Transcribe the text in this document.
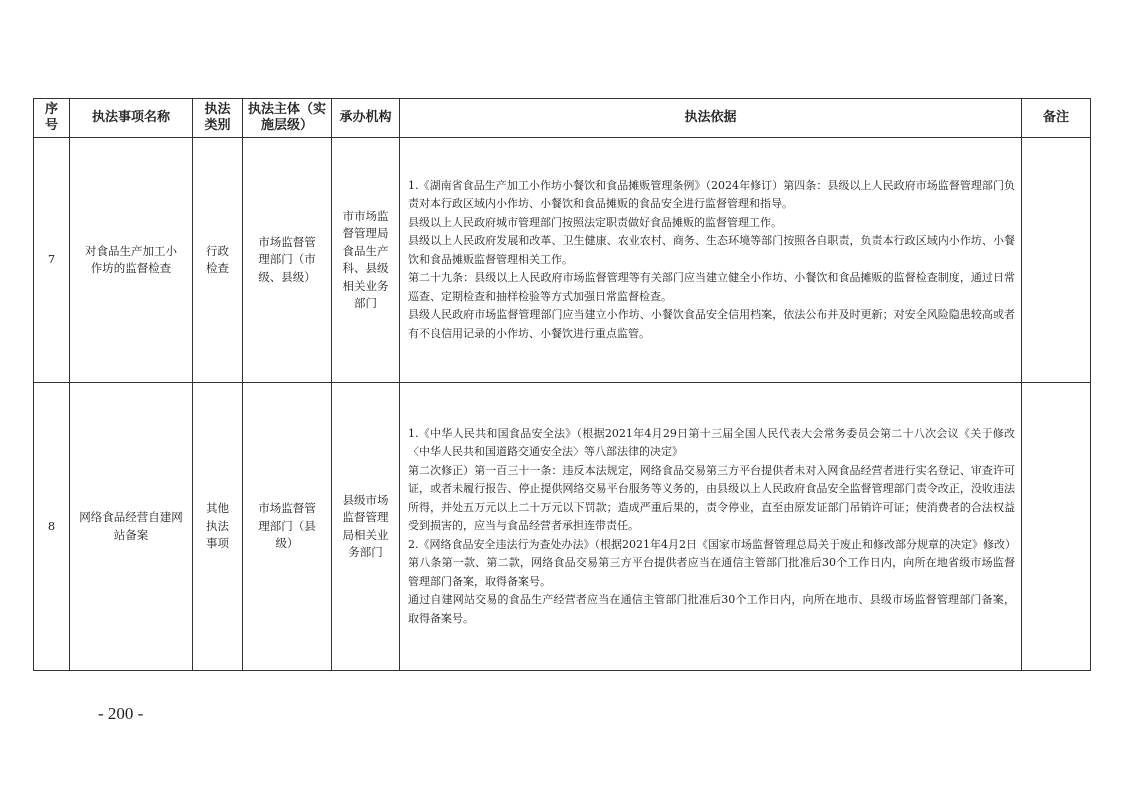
序号	执法事项名称	执法类别	执法主体（实施层级）	承办机构	执法依据	备注
7	对食品生产加工小作坊的监督检查	行政检查	市场监督管理部门（市级、县级）	市市场监督管理局食品生产科、县级相关业务部门	1.《湖南省食品生产加工小作坊小餐饮和食品摊贩管理条例》（2024年修订）第四条：县级以上人民政府市场监督管理部门负责对本行政区域内小作坊、小餐饮和食品摊贩的食品安全进行监督管理和指导。

县级以上人民政府城市管理部门按照法定职责做好食品摊贩的监督管理工作。

县级以上人民政府发展和改革、卫生健康、农业农村、商务、生态环境等部门按照各自职责，负责本行政区域内小作坊、小餐饮和食品摊贩监督管理相关工作。

第二十九条：县级以上人民政府市场监督管理等有关部门应当建立健全小作坊、小餐饮和食品摊贩的监督检查制度，通过日常巡查、定期检查和抽样检验等方式加强日常监督检查。

县级人民政府市场监督管理部门应当建立小作坊、小餐饮食品安全信用档案，依法公布并及时更新；对安全风险隐患较高或者有不良信用记录的小作坊、小餐饮进行重点监管。	

8	网络食品经营自建网站备案	其他执法事项	市场监督管理部门（县级）	县级市场监督管理局相关业务部门	1.《中华人民共和国食品安全法》（根据2021年4月29日第十三届全国人民代表大会常务委员会第二十八次会议《关于修改〈中华人民共和国道路交通安全法〉等八部法律的决定》

第二次修正）第一百三十一条：违反本法规定，网络食品交易第三方平台提供者未对入网食品经营者进行实名登记、审查许可证，或者未履行报告、停止提供网络交易平台服务等义务的，由县级以上人民政府食品安全监督管理部门责令改正，没收违法所得，并处五万元以上二十万元以下罚款；造成严重后果的，责令停业，直至由原发证部门吊销许可证；使消费者的合法权益受到损害的，应当与食品经营者承担连带责任。

2.《网络食品安全违法行为查处办法》（根据2021年4月2日《国家市场监督管理总局关于废止和修改部分规章的决定》修改）

第八条第一款、第二款，网络食品交易第三方平台提供者应当在通信主管部门批准后30个工作日内，向所在地省级市场监督管理部门备案，取得备案号。

通过自建网站交易的食品生产经营者应当在通信主管部门批准后30个工作日内，向所在地市、县级市场监督管理部门备案，取得备案号。	

- 200 -
